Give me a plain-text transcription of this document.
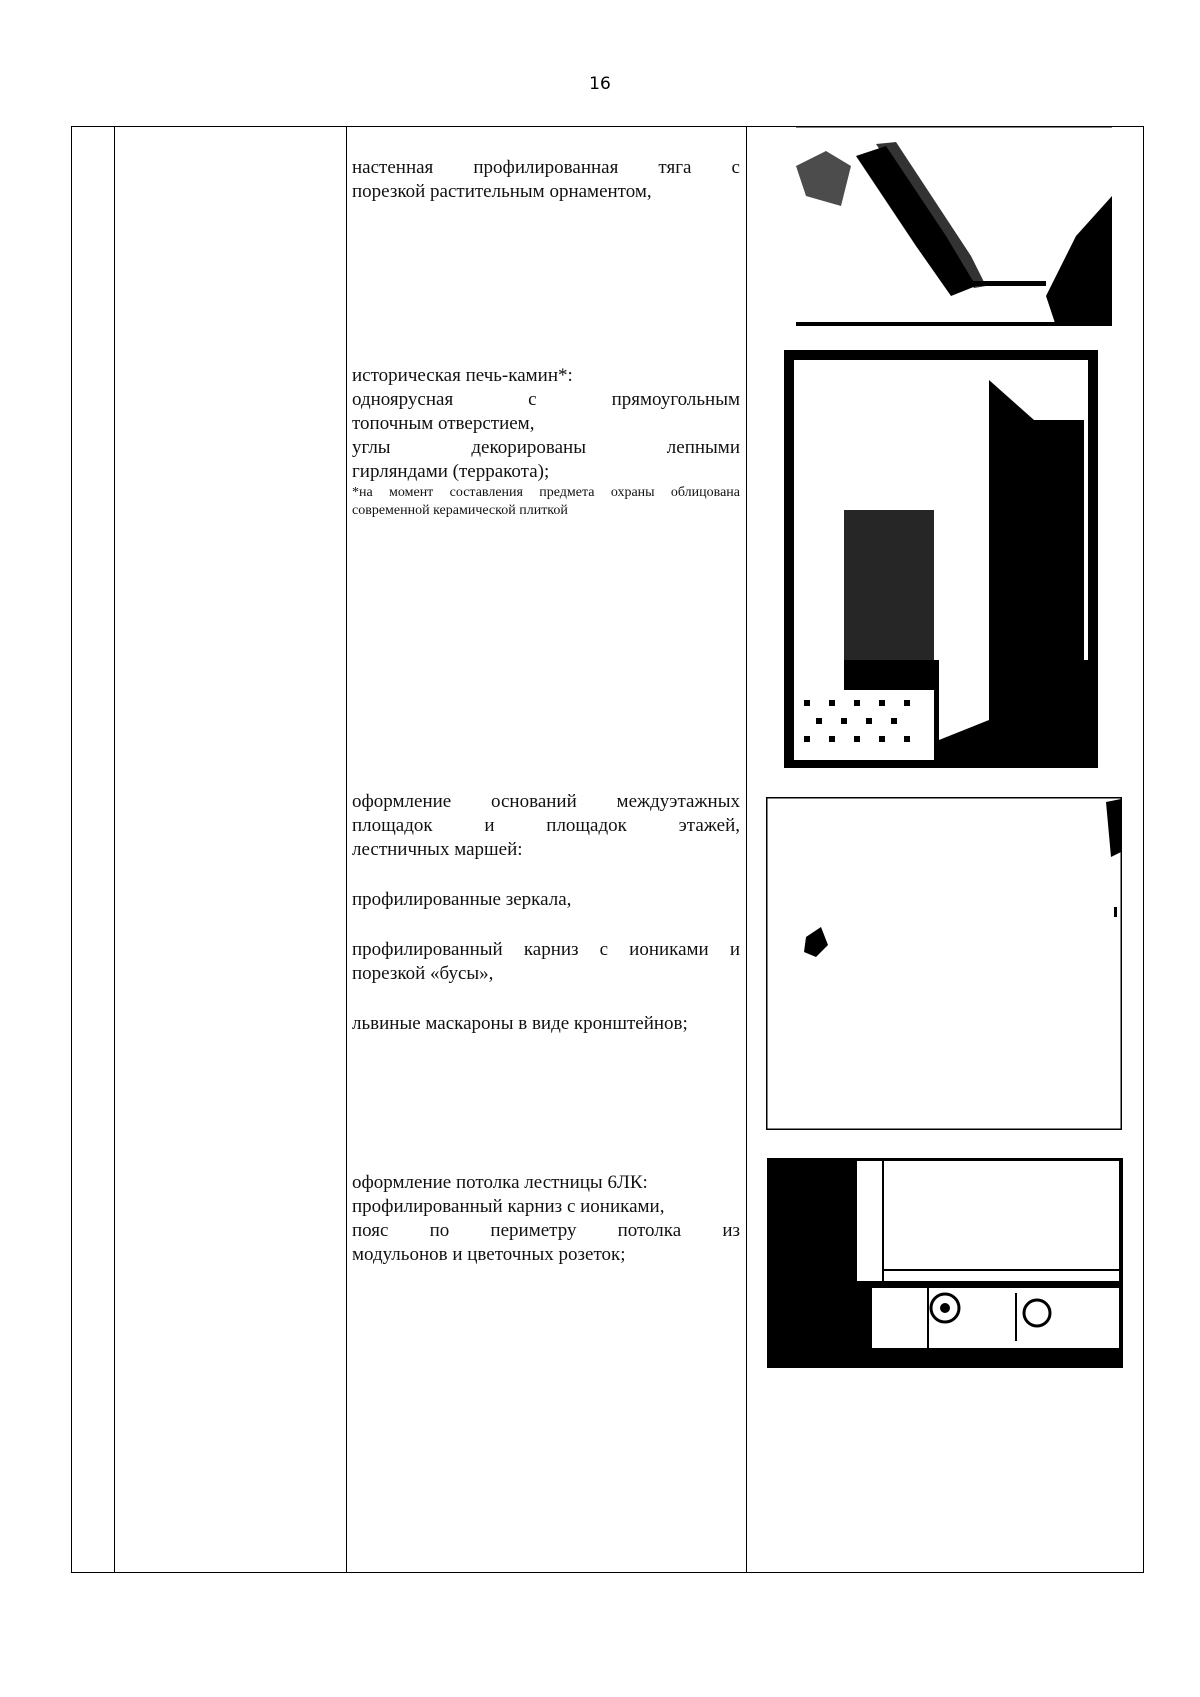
16

настенная профилированная тяга с

порезкой растительным орнаментом,

историческая печь-камин*:

одноярусная с прямоугольным

топочным отверстием,

углы декорированы лепными

гирляндами (терракота);

*на момент составления предмета охраны облицована современной керамической плиткой

оформление оснований междуэтажных

площадок и площадок этажей,

лестничных маршей:

профилированные зеркала,

профилированный карниз с иониками и порезкой «бусы»,

львиные маскароны в виде кронштейнов;

оформление потолка лестницы 6ЛК:

профилированный карниз с иониками,

пояс по периметру потолка из

модульонов и цветочных розеток;
